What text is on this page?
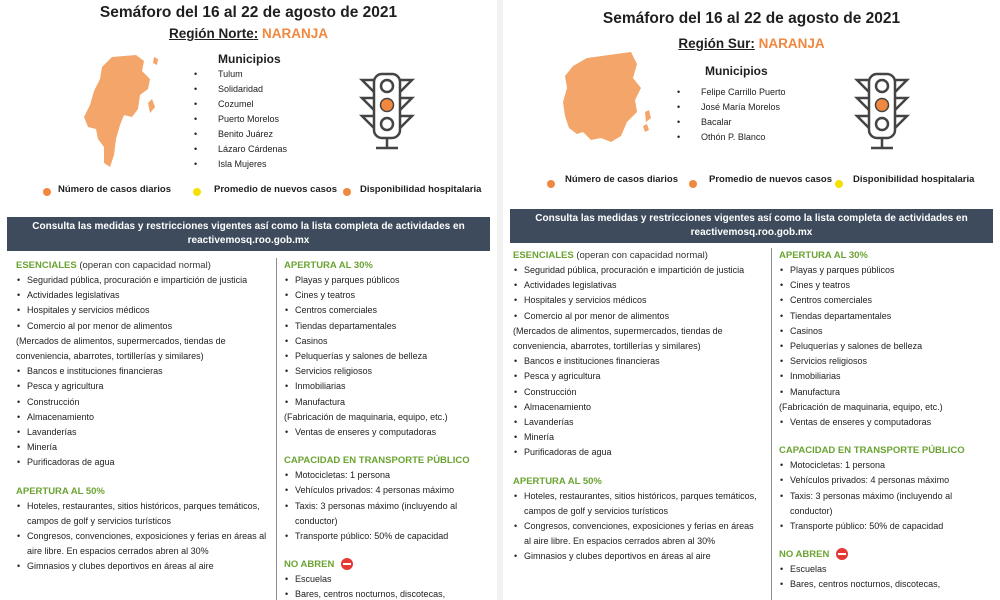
Semáforo del 16 al 22 de agosto de 2021
Región Norte: NARANJA
Municipios
• Tulum
• Solidaridad
• Cozumel
• Puerto Morelos
• Benito Juárez
• Lázaro Cárdenas
• Isla Mujeres
Número de casos diarios	Promedio de nuevos casos Disponibilidad hospitalaria
Consulta las medidas y restricciones vigentes así como la lista completa de actividades en reactivemosq.roo.gob.mx
ESENCIALES (operan con capacidad normal)
• Seguridad pública, procuración e impartición de justicia
• Actividades legislativas
• Hospitales y servicios médicos
• Comercio al por menor de alimentos
(Mercados de alimentos, supermercados, tiendas de conveniencia, abarrotes, tortillerías y similares)
• Bancos e instituciones financieras
• Pesca y agricultura
• Construcción
• Almacenamiento
• Lavanderías
• Minería
• Purificadoras de agua
APERTURA AL 50%
• Hoteles, restaurantes, sitios históricos, parques temáticos, campos de golf y servicios turísticos
• Congresos, convenciones, exposiciones y ferias en áreas al aire libre. En espacios cerrados abren al 30%
• Gimnasios y clubes deportivos en áreas al aire
APERTURA AL 30%
• Playas y parques públicos
• Cines y teatros
• Centros comerciales
• Tiendas departamentales
• Casinos
• Peluquerías y salones de belleza
• Servicios religiosos
• Inmobiliarias
• Manufactura
(Fabricación de maquinaria, equipo, etc.)
• Ventas de enseres y computadoras
CAPACIDAD EN TRANSPORTE PÚBLICO
• Motocicletas: 1 persona
• Vehículos privados: 4 personas máximo
• Taxis: 3 personas máximo (incluyendo al conductor)
• Transporte público: 50% de capacidad
NO ABREN
• Escuelas
• Bares, centros nocturnos, discotecas,
Semáforo del 16 al 22 de agosto de 2021
Región Sur: NARANJA
Municipios
• Felipe Carrillo Puerto
• José María Morelos
• Bacalar
• Othón P. Blanco
Número de casos diarios	Promedio de nuevos casos Disponibilidad hospitalaria
Consulta las medidas y restricciones vigentes así como la lista completa de actividades en reactivemosq.roo.gob.mx
ESENCIALES (operan con capacidad normal)
• Seguridad pública, procuración e impartición de justicia
• Actividades legislativas
• Hospitales y servicios médicos
• Comercio al por menor de alimentos
(Mercados de alimentos, supermercados, tiendas de conveniencia, abarrotes, tortillerías y similares)
• Bancos e instituciones financieras
• Pesca y agricultura
• Construcción
• Almacenamiento
• Lavanderías
• Minería
• Purificadoras de agua
APERTURA AL 50%
• Hoteles, restaurantes, sitios históricos, parques temáticos, campos de golf y servicios turísticos
• Congresos, convenciones, exposiciones y ferias en áreas al aire libre. En espacios cerrados abren al 30%
• Gimnasios y clubes deportivos en áreas al aire
APERTURA AL 30%
• Playas y parques públicos
• Cines y teatros
• Centros comerciales
• Tiendas departamentales
• Casinos
• Peluquerías y salones de belleza
• Servicios religiosos
• Inmobiliarias
• Manufactura
(Fabricación de maquinaria, equipo, etc.)
• Ventas de enseres y computadoras
CAPACIDAD EN TRANSPORTE PÚBLICO
• Motocicletas: 1 persona
• Vehículos privados: 4 personas máximo
• Taxis: 3 personas máximo (incluyendo al conductor)
• Transporte público: 50% de capacidad
NO ABREN
• Escuelas
• Bares, centros nocturnos, discotecas,
